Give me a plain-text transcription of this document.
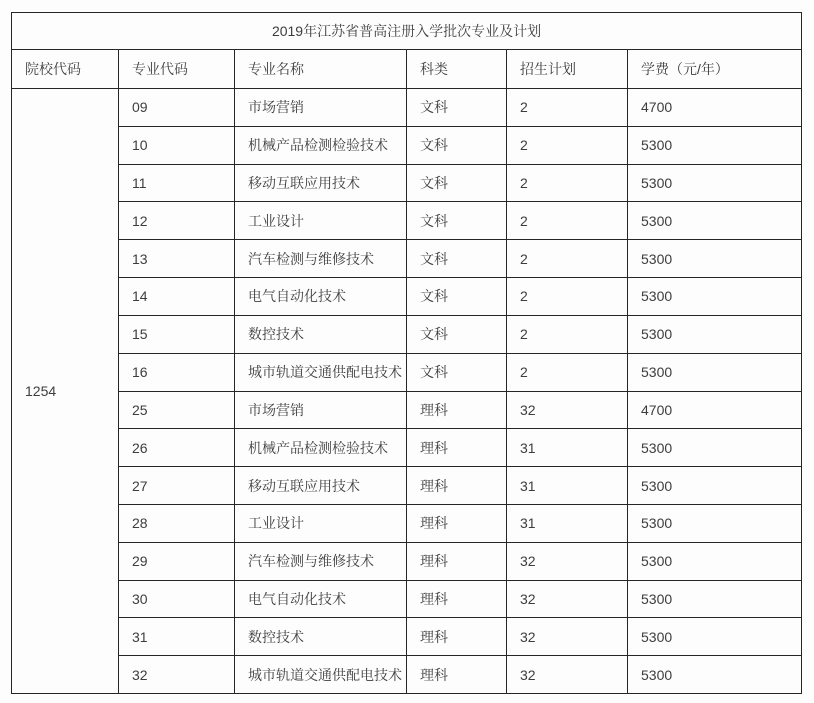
2019年江苏省普高注册入学批次专业及计划					
院校代码	专业代码	专业名称	科类	招生计划	学费（元/年）
1254	09	市场营销	文科	2	4700
	10	机械产品检测检验技术	文科	2	5300
	11	移动互联应用技术	文科	2	5300
	12	工业设计	文科	2	5300
	13	汽车检测与维修技术	文科	2	5300
	14	电气自动化技术	文科	2	5300
	15	数控技术	文科	2	5300
	16	城市轨道交通供配电技术	文科	2	5300
	25	市场营销	理科	32	4700
	26	机械产品检测检验技术	理科	31	5300
	27	移动互联应用技术	理科	31	5300
	28	工业设计	理科	31	5300
	29	汽车检测与维修技术	理科	32	5300
	30	电气自动化技术	理科	32	5300
	31	数控技术	理科	32	5300
	32	城市轨道交通供配电技术	理科	32	5300
